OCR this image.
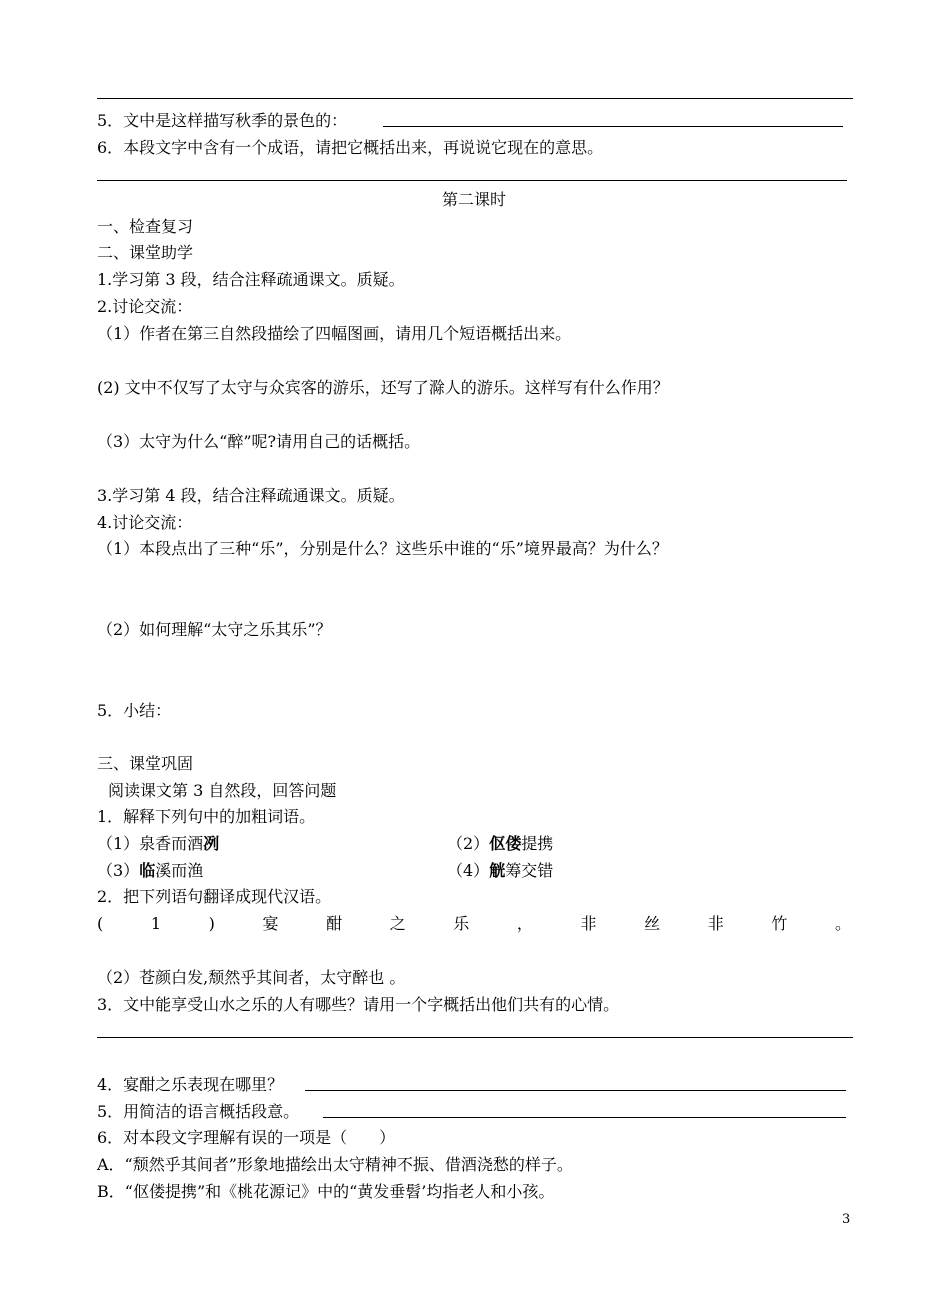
5．文中是这样描写秋季的景色的：
6．本段文字中含有一个成语，请把它概括出来，再说说它现在的意思。
第二课时
一、检查复习
二、课堂助学
1.学习第 3 段，结合注释疏通课文。质疑。
2.讨论交流：
（1）作者在第三自然段描绘了四幅图画，请用几个短语概括出来。
(2) 文中不仅写了太守与众宾客的游乐，还写了滁人的游乐。这样写有什么作用？
（3）太守为什么“醉”呢?请用自己的话概括。
3.学习第 4 段，结合注释疏通课文。质疑。
4.讨论交流：
（1）本段点出了三种“乐”，分别是什么？这些乐中谁的“乐”境界最高？为什么？
（2）如何理解“太守之乐其乐”？
5．小结：
三、课堂巩固
阅读课文第 3 自然段，回答问题
1．解释下列句中的加粗词语。
（1）泉香而酒冽	（2）伛偻提携
（3）临溪而渔	（4）觥筹交错
2．把下列语句翻译成现代汉语。
(	1	)	宴	酣	之	乐	，	非	丝	非	竹	。
（2）苍颜白发,颓然乎其间者，太守醉也 。
3．文中能享受山水之乐的人有哪些？请用一个字概括出他们共有的心情。
4．宴酣之乐表现在哪里？
5．用简洁的语言概括段意。
6．对本段文字理解有误的一项是（　　）
A．“颓然乎其间者”形象地描绘出太守精神不振、借酒浇愁的样子。
B．“伛偻提携”和《桃花源记》中的“黄发垂髫’均指老人和小孩。
3
